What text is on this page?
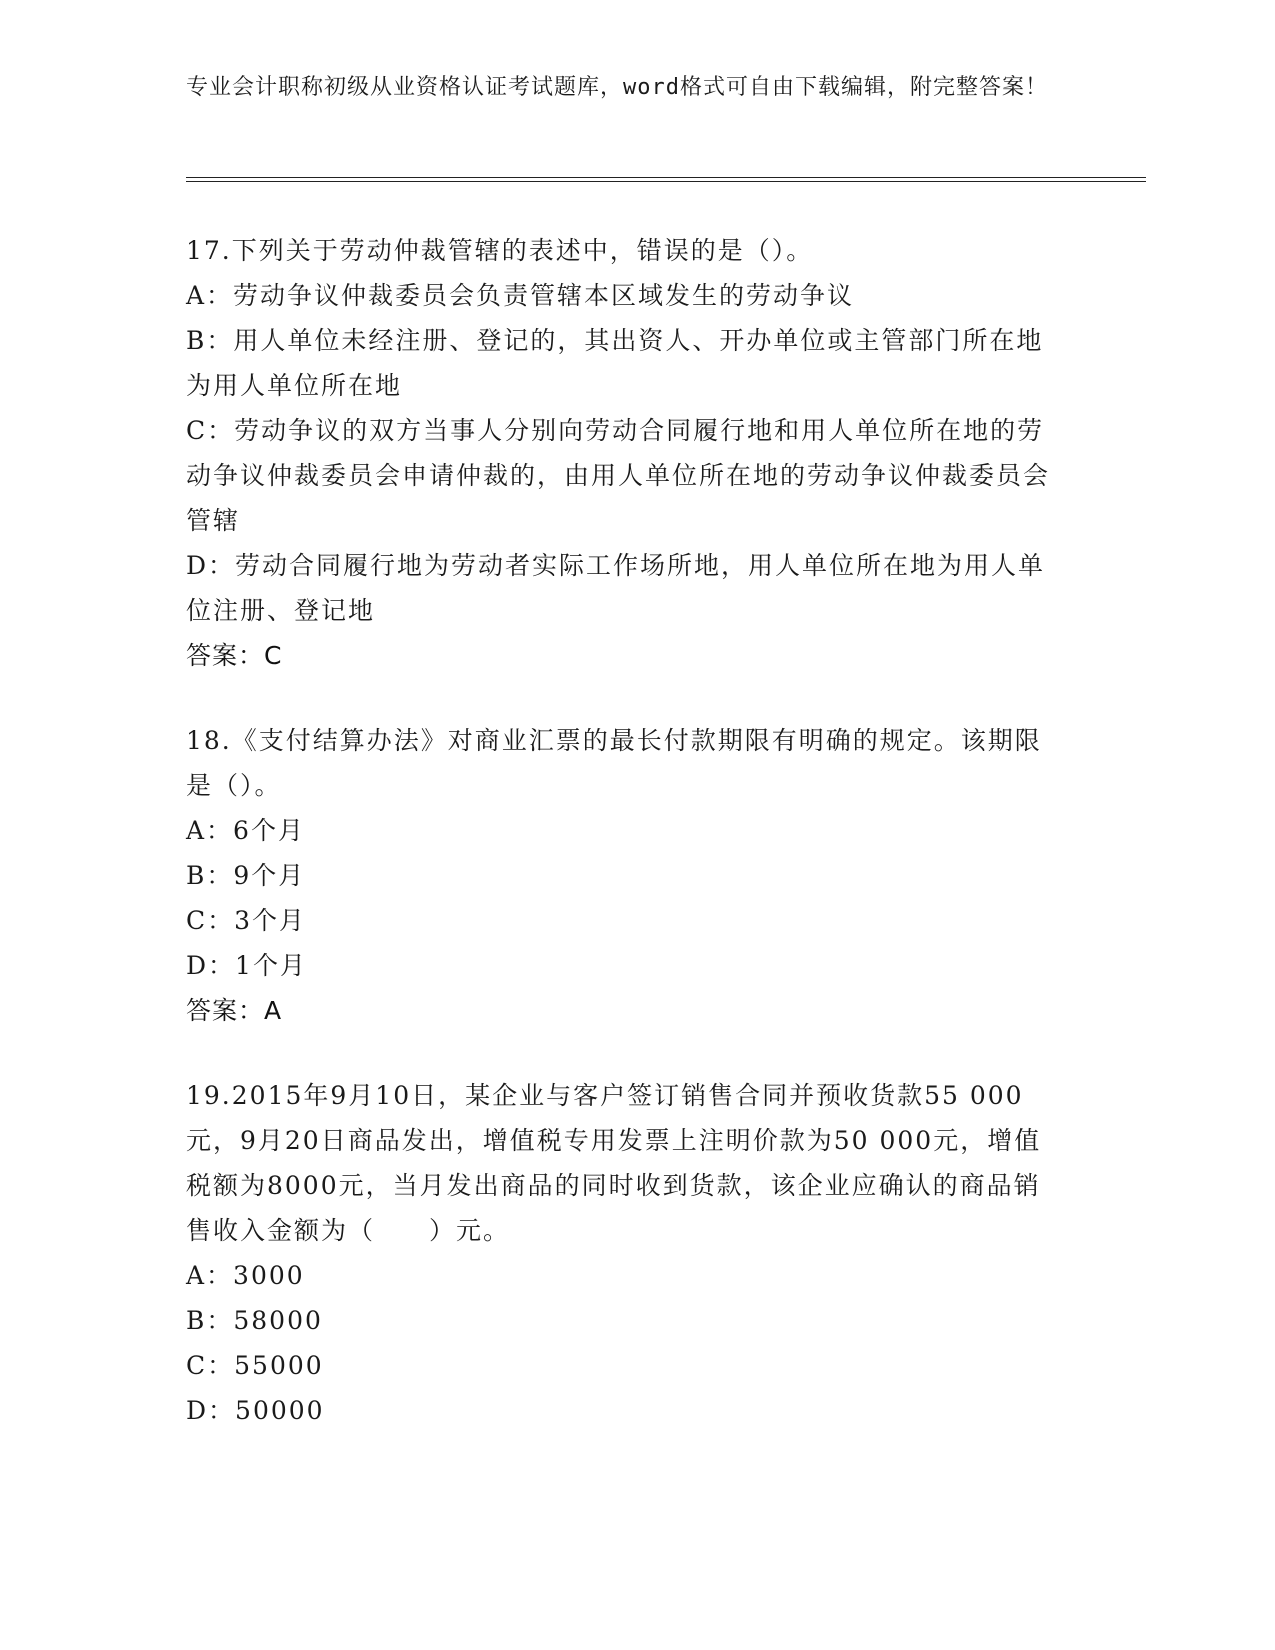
专业会计职称初级从业资格认证考试题库，word格式可自由下载编辑，附完整答案！
17.下列关于劳动仲裁管辖的表述中，错误的是（）。
A：劳动争议仲裁委员会负责管辖本区域发生的劳动争议
B：用人单位未经注册、登记的，其出资人、开办单位或主管部门所在地为用人单位所在地
C：劳动争议的双方当事人分别向劳动合同履行地和用人单位所在地的劳动争议仲裁委员会申请仲裁的，由用人单位所在地的劳动争议仲裁委员会管辖
D：劳动合同履行地为劳动者实际工作场所地，用人单位所在地为用人单位注册、登记地
答案：C
18.《支付结算办法》对商业汇票的最长付款期限有明确的规定。该期限是（）。
A：6个月
B：9个月
C：3个月
D：1个月
答案：A
19.2015年9月10日，某企业与客户签订销售合同并预收货款55 000元，9月20日商品发出，增值税专用发票上注明价款为50 000元，增值税额为8000元，当月发出商品的同时收到货款，该企业应确认的商品销售收入金额为（　　）元。
A：3000
B：58000
C：55000
D：50000
